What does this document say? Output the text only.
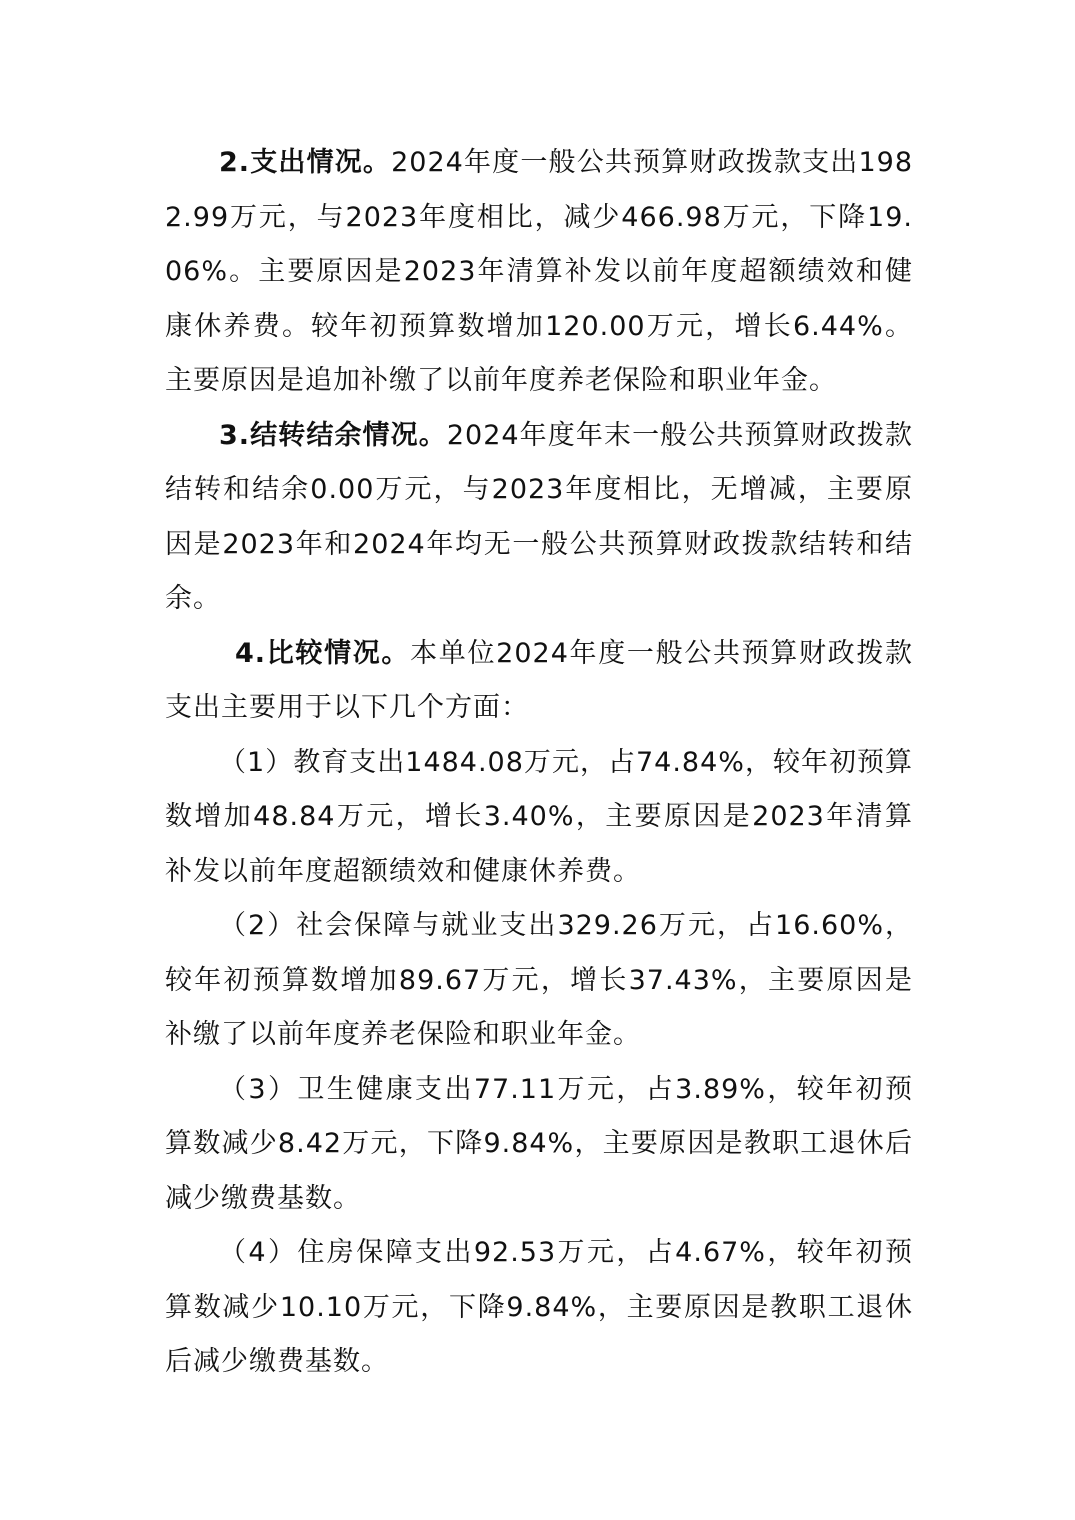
2.支出情况。2024年度一般公共预算财政拨款支出1982.99万元，与2023年度相比，减少466.98万元，下降19.06%。主要原因是2023年清算补发以前年度超额绩效和健康休养费。较年初预算数增加120.00万元，增长6.44%。主要原因是追加补缴了以前年度养老保险和职业年金。

3.结转结余情况。2024年度年末一般公共预算财政拨款结转和结余0.00万元，与2023年度相比，无增减，主要原因是2023年和2024年均无一般公共预算财政拨款结转和结余。

4.比较情况。本单位2024年度一般公共预算财政拨款支出主要用于以下几个方面：

（1）教育支出1484.08万元，占74.84%，较年初预算数增加48.84万元，增长3.40%，主要原因是2023年清算补发以前年度超额绩效和健康休养费。

（2）社会保障与就业支出329.26万元，占16.60%，较年初预算数增加89.67万元，增长37.43%，主要原因是补缴了以前年度养老保险和职业年金。

（3）卫生健康支出77.11万元，占3.89%，较年初预算数减少8.42万元，下降9.84%，主要原因是教职工退休后减少缴费基数。

（4）住房保障支出92.53万元，占4.67%，较年初预算数减少10.10万元，下降9.84%，主要原因是教职工退休后减少缴费基数。
